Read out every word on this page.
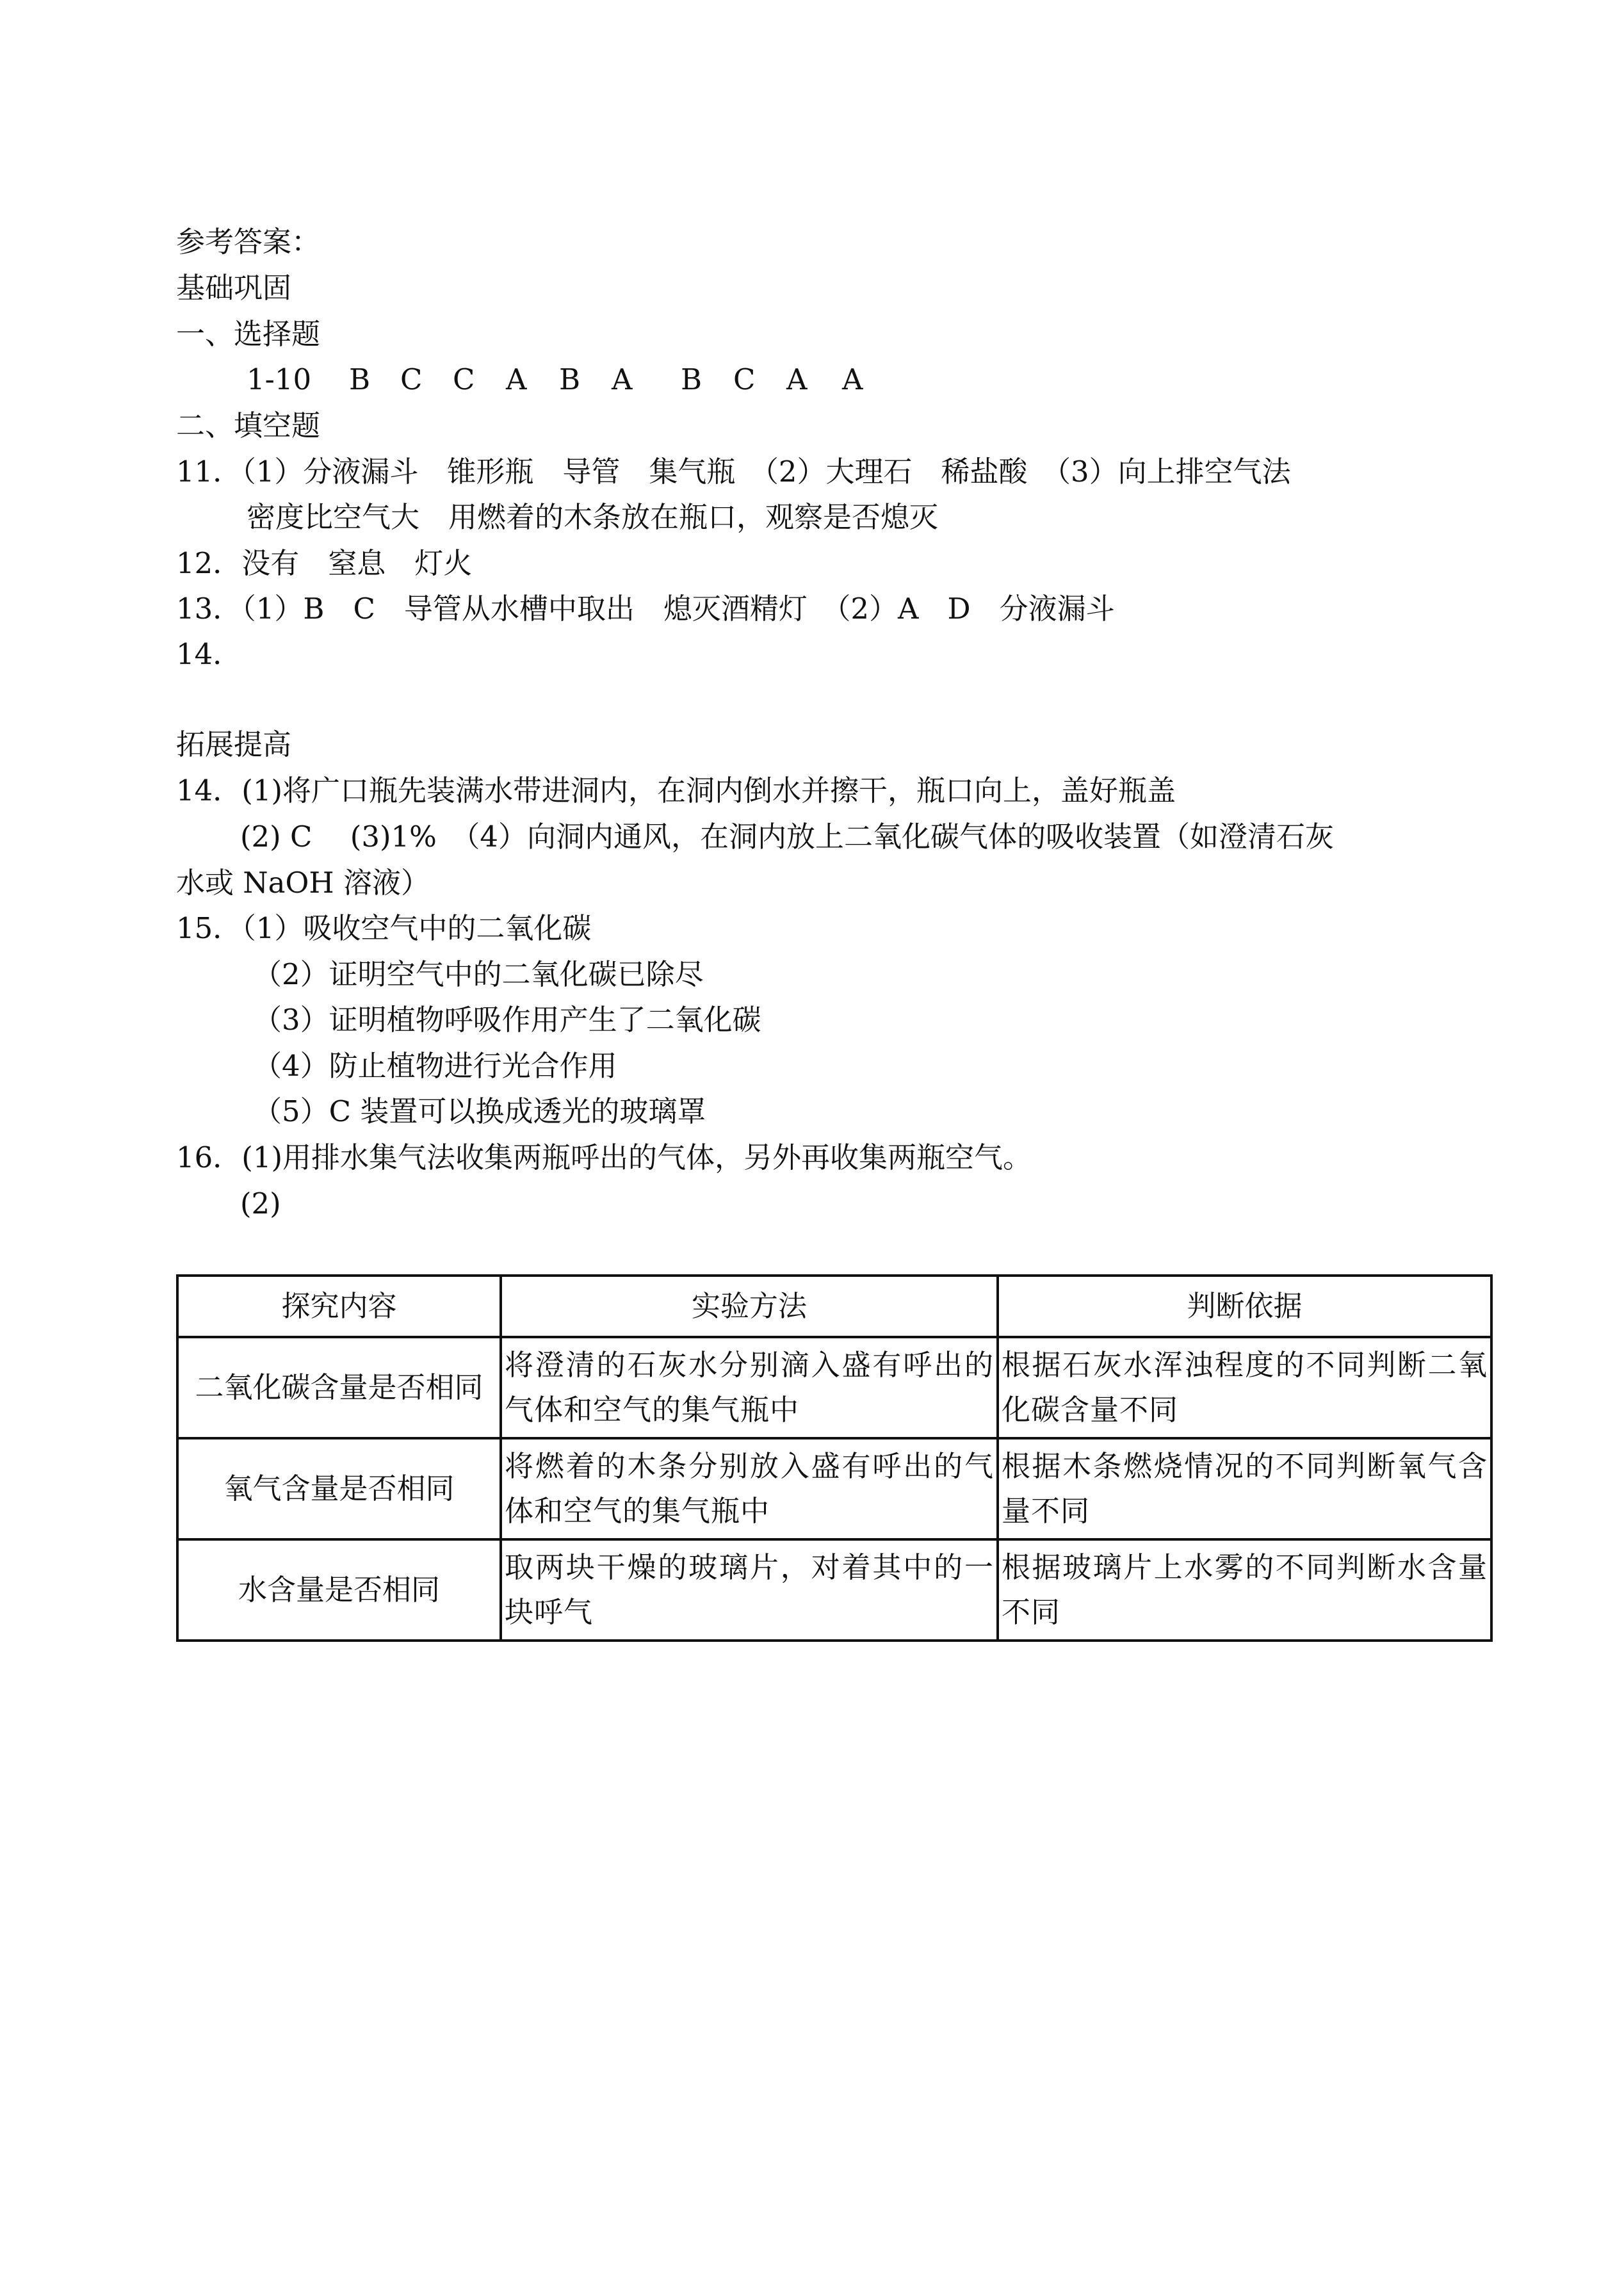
参考答案：
基础巩固
一、选择题
1-10 B C C A B A B C A A
二、填空题
11．（1）分液漏斗　锥形瓶　导管　集气瓶　（2）大理石　稀盐酸　（3）向上排空气法
密度比空气大　用燃着的木条放在瓶口，观察是否熄灭
12．没有　窒息　灯火
13．（1）B　C　导管从水槽中取出　熄灭酒精灯　（2）A　D　分液漏斗
14．
拓展提高
14．(1)将广口瓶先装满水带进洞内，在洞内倒水并擦干，瓶口向上，盖好瓶盖
(2) C　 (3)1%　（4）向洞内通风，在洞内放上二氧化碳气体的吸收装置（如澄清石灰
水或 NaOH 溶液）
15．（1）吸收空气中的二氧化碳
（2）证明空气中的二氧化碳已除尽
（3）证明植物呼吸作用产生了二氧化碳
（4）防止植物进行光合作用
（5）C 装置可以换成透光的玻璃罩
16．(1)用排水集气法收集两瓶呼出的气体，另外再收集两瓶空气。
(2)
探究内容	实验方法	判断依据
二氧化碳含量是否相同	将澄清的石灰水分别滴入盛有呼出的气体和空气的集气瓶中	根据石灰水浑浊程度的不同判断二氧化碳含量不同
氧气含量是否相同	将燃着的木条分别放入盛有呼出的气体和空气的集气瓶中	根据木条燃烧情况的不同判断氧气含量不同
水含量是否相同	取两块干燥的玻璃片，对着其中的一块呼气	根据玻璃片上水雾的不同判断水含量不同
